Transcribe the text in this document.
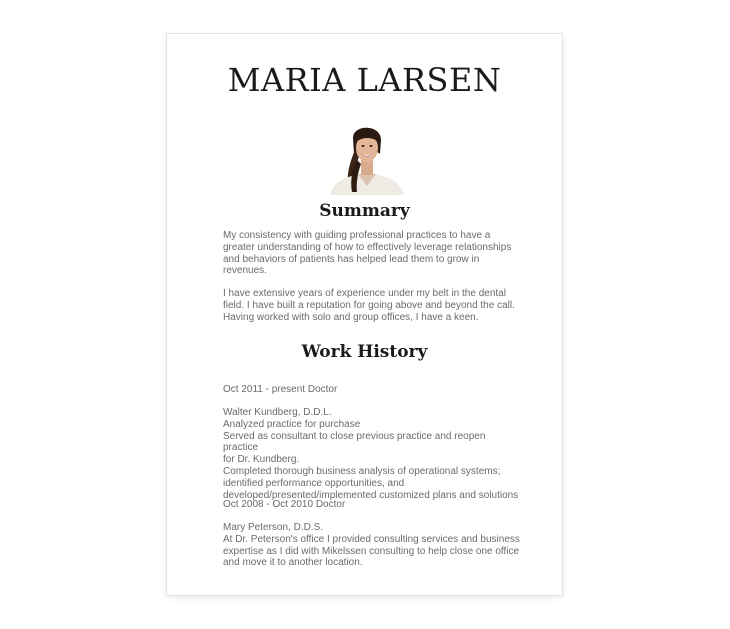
MARIA LARSEN
Summary
My consistency with guiding professional practices to have a
greater understanding of how to effectively leverage relationships
and behaviors of patients has helped lead them to grow in
revenues.
I have extensive years of experience under my belt in the dental
field. I have built a reputation for going above and beyond the call.
Having worked with solo and group offices, I have a keen.
Work History
Oct 2011 - present Doctor
Walter Kundberg, D.D.L.
Analyzed practice for purchase
Served as consultant to close previous practice and reopen practice
for Dr. Kundberg.
Completed thorough business analysis of operational systems;
identified performance opportunities, and
developed/presented/implemented customized plans and solutions
Oct 2008 - Oct 2010 Doctor
Mary Peterson, D.D.S.
At Dr. Peterson's office I provided consulting services and business
expertise as I did with Mikelssen consulting to help close one office
and move it to another location.
